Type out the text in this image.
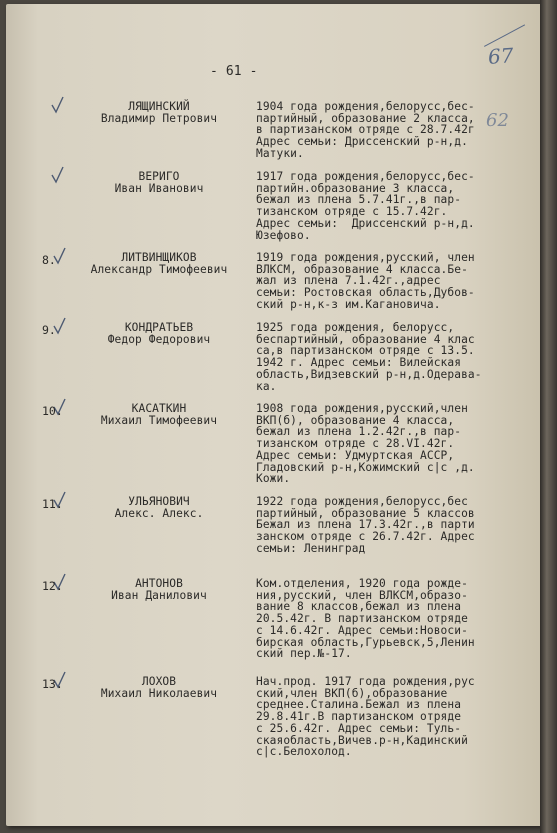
- 61 -
67
62
ЛЯЩИНСКИЙ
Владимир Петрович
1904 года рождения,белорусс,бес-
партийный, образование 2 класса,
в партизанском отряде с 28.7.42г
Адрес семьи: Дриссенский р-н,д.
Матуки.
ВЕРИГО
Иван Иванович
1917 года рождения,белорусс,бес-
партийн.образование 3 класса,
бежал из плена 5.7.41г.,в пар-
тизанском отряде с 15.7.42г.
Адрес семьи:  Дриссенский р-н,д.
Юзефово.
8.	ЛИТВИНЩИКОВ
Александр Тимофеевич
1919 года рождения,русский, член
ВЛКСМ, образование 4 класса.Бе-
жал из плена 7.1.42г.,адрес
семьи: Ростовская область,Дубов-
ский р-н,к-з им.Кагановича.
9.	КОНДРАТЬЕВ
Федор Федорович
1925 года рождения, белорусс,
беспартийный, образование 4 клас
са,в партизанском отряде с 13.5.
1942 г. Адрес семьи: Вилейская
область,Видзевский р-н,д.Одерава-
ка.
10.	КАСАТКИН
Михаил Тимофеевич
1908 года рождения,русский,член
ВКП(б), образование 4 класса,
бежал из плена 1.2.42г.,в пар-
тизанском отряде с 28.VI.42г.
Адрес семьи: Удмуртская АССР,
Гладовский р-н,Кожимский с|с ,д.
Кожи.
11.	УЛЬЯНОВИЧ
Алекс. Алекс.
1922 года рождения,белорусс,бес
партийный, образование 5 классов
Бежал из плена 17.3.42г.,в парти
занском отряде с 26.7.42г. Адрес
семьи: Ленинград
12.	АНТОНОВ
Иван Данилович
Ком.отделения, 1920 года рожде-
ния,русский, член ВЛКСМ,образо-
вание 8 классов,бежал из плена
20.5.42г. В партизанском отряде
с 14.6.42г. Адрес семьи:Новоси-
бирская область,Гурьевск,5,Ленин
ский пер.№-17.
13.	ЛОХОВ
Михаил Николаевич
Нач.прод. 1917 года рождения,рус
ский,член ВКП(б),образование
среднее.Сталина.Бежал из плена
29.8.41г.В партизанском отряде
с 25.6.42г. Адрес семьи: Туль-
скаяобласть,Вичев.р-н,Кадинский
с|с.Белохолод.
